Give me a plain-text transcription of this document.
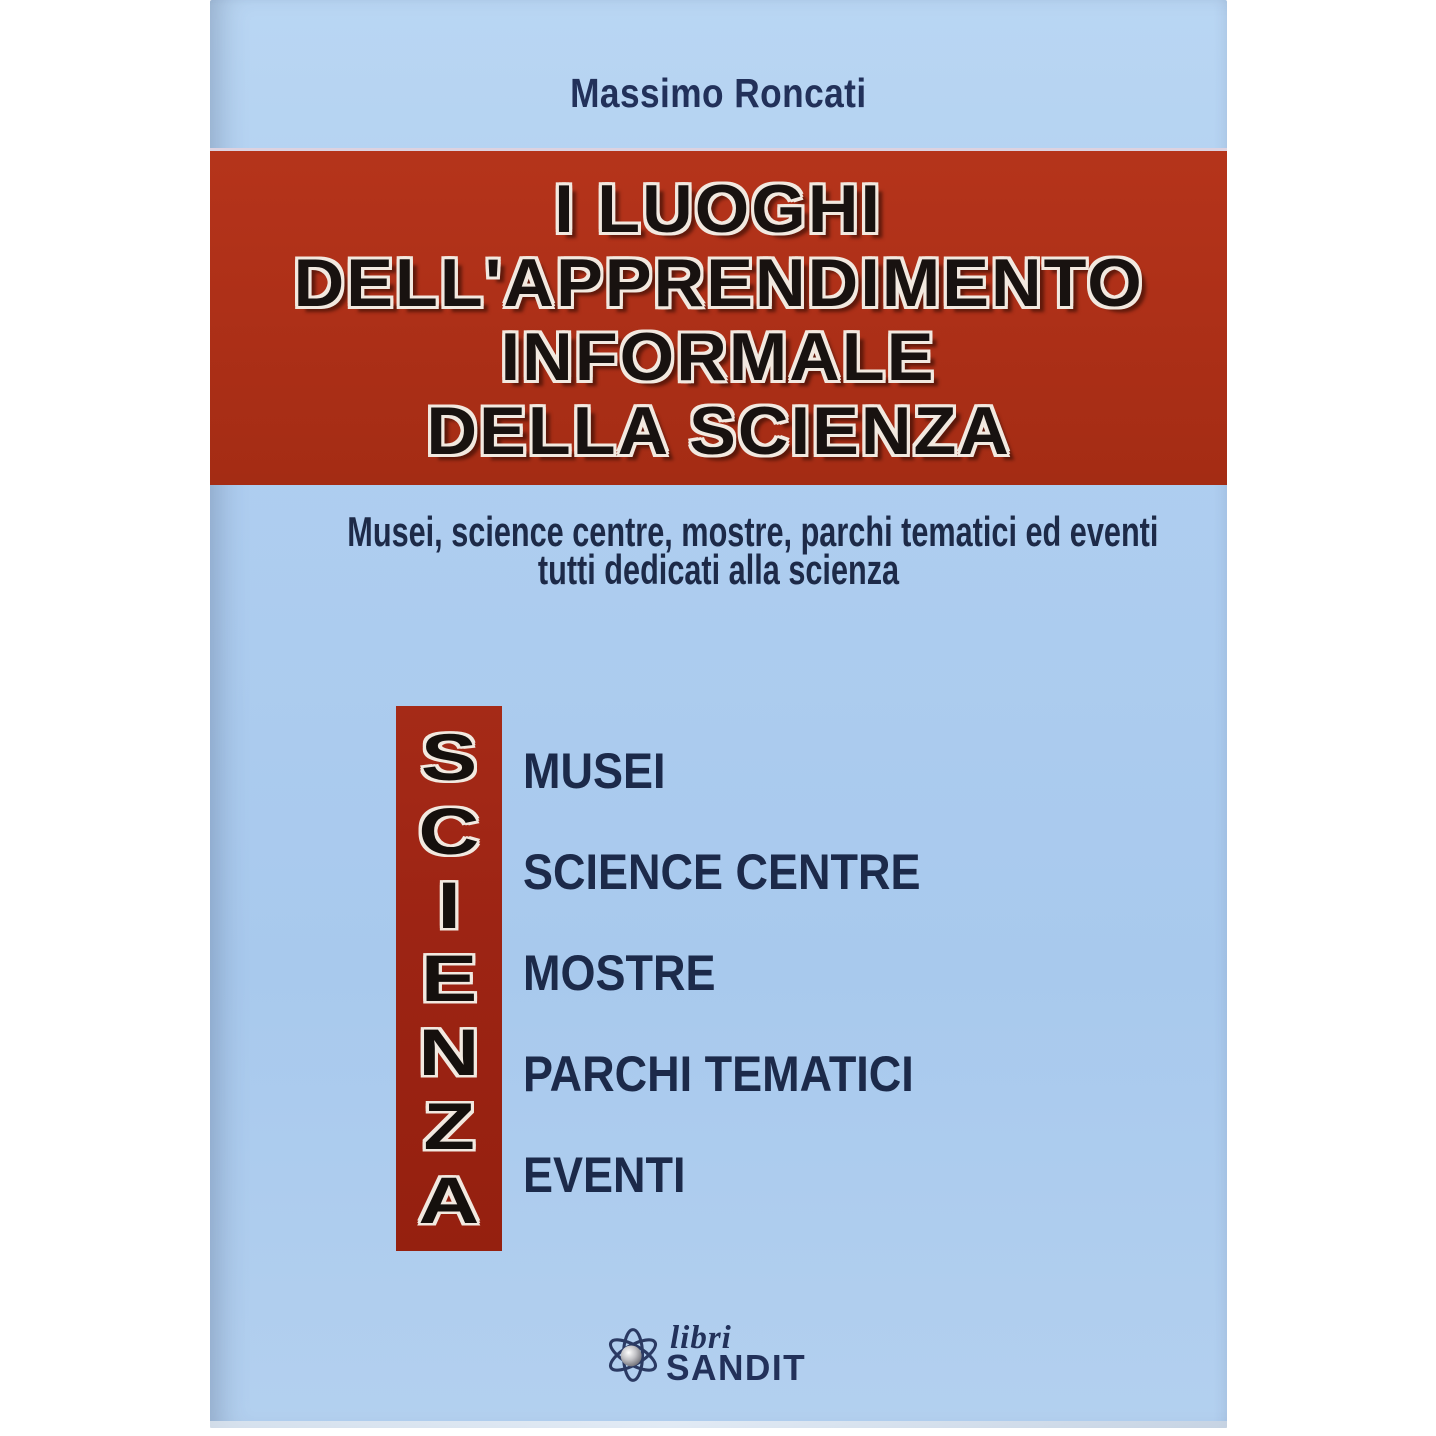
Massimo Roncati
I LUOGHI
DELL'APPRENDIMENTO
INFORMALE
DELLA SCIENZA
Musei, science centre, mostre, parchi tematici ed eventi
tutti dedicati alla scienza
S
C
I
E
N
Z
A
MUSEI
SCIENCE CENTRE
MOSTRE
PARCHI TEMATICI
EVENTI
libri
SANDIT
